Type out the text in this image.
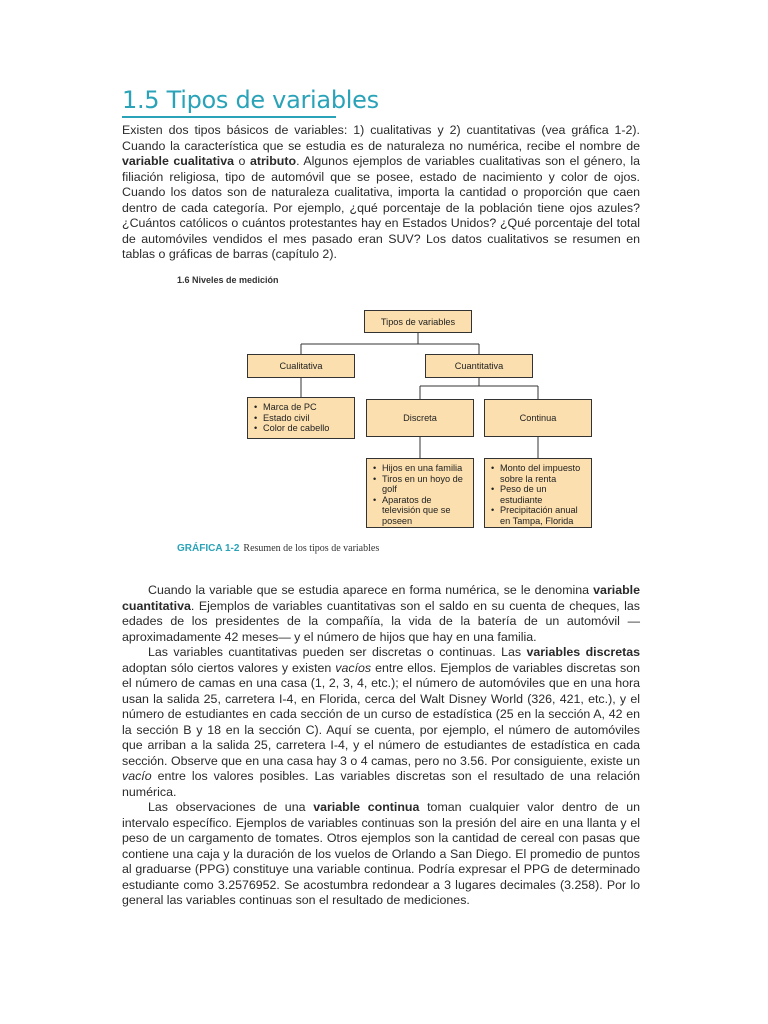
1.5 Tipos de variables

Existen dos tipos básicos de variables: 1) cualitativas y 2) cuantitativas (vea gráfica 1-2). Cuando la característica que se estudia es de naturaleza no numérica, recibe el nombre de variable cualitativa o atributo. Algunos ejemplos de variables cualitativas son el género, la filiación religiosa, tipo de automóvil que se posee, estado de nacimiento y color de ojos. Cuando los datos son de naturaleza cualitativa, importa la cantidad o proporción que caen dentro de cada categoría. Por ejemplo, ¿qué porcentaje de la población tiene ojos azules? ¿Cuántos católicos o cuántos protestantes hay en Estados Unidos? ¿Qué porcentaje del total de automóviles vendidos el mes pasado eran SUV? Los datos cualitativos se resumen en tablas o gráficas de barras (capítulo 2).

1.6 Niveles de medición
Tipos de variables
Cualitativa	Cuantitativa
Discreta	Continua
• Marca de PC
• Estado civil
• Color de cabello
• Hijos en una familia
• Tiros en un hoyo de golf
• Aparatos de televisión que se poseen
• Monto del impuesto sobre la renta
• Peso de un estudiante
• Precipitación anual en Tampa, Florida
GRÁFICA 1-2 Resumen de los tipos de variables

Cuando la variable que se estudia aparece en forma numérica, se le denomina variable cuantitativa. Ejemplos de variables cuantitativas son el saldo en su cuenta de cheques, las edades de los presidentes de la compañía, la vida de la batería de un automóvil —aproximadamente 42 meses— y el número de hijos que hay en una familia.

Las variables cuantitativas pueden ser discretas o continuas. Las variables discretas adoptan sólo ciertos valores y existen vacíos entre ellos. Ejemplos de variables discretas son el número de camas en una casa (1, 2, 3, 4, etc.); el número de automóviles que en una hora usan la salida 25, carretera I-4, en Florida, cerca del Walt Disney World (326, 421, etc.), y el número de estudiantes en cada sección de un curso de estadística (25 en la sección A, 42 en la sección B y 18 en la sección C). Aquí se cuenta, por ejemplo, el número de automóviles que arriban a la salida 25, carretera I-4, y el número de estudiantes de estadística en cada sección. Observe que en una casa hay 3 o 4 camas, pero no 3.56. Por consiguiente, existe un vacío entre los valores posibles. Las variables discretas son el resultado de una relación numérica.

Las observaciones de una variable continua toman cualquier valor dentro de un intervalo específico. Ejemplos de variables continuas son la presión del aire en una llanta y el peso de un cargamento de tomates. Otros ejemplos son la cantidad de cereal con pasas que contiene una caja y la duración de los vuelos de Orlando a San Diego. El promedio de puntos al graduarse (PPG) constituye una variable continua. Podría expresar el PPG de determinado estudiante como 3.2576952. Se acostumbra redondear a 3 lugares decimales (3.258). Por lo general las variables continuas son el resultado de mediciones.
